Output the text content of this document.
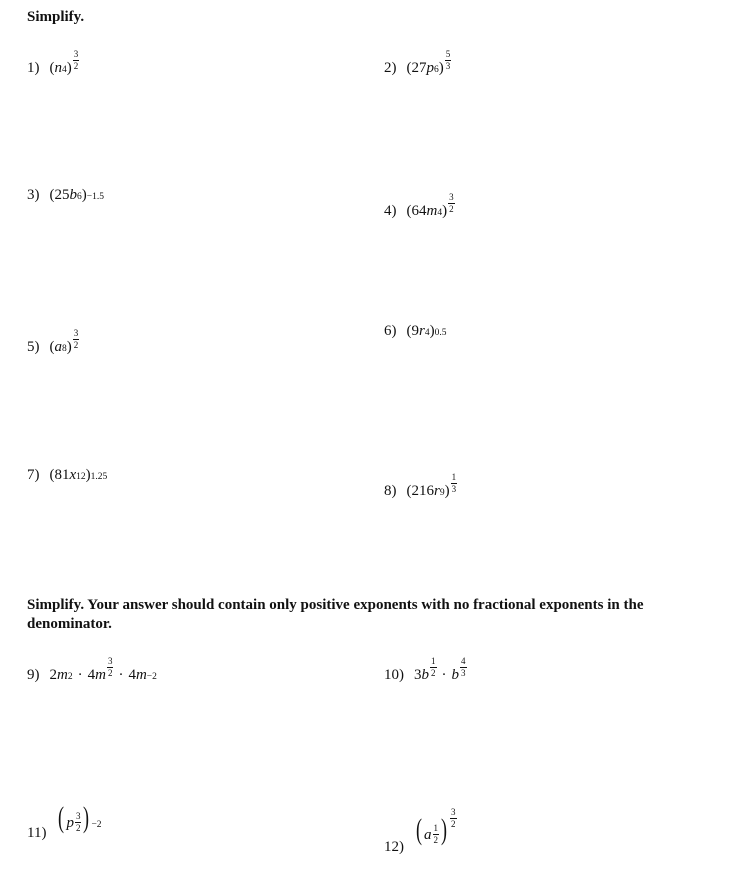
Simplify.
1) (n 4 ) $\frac{3}{2}$	2) (27p 6 ) $\frac{5}{3}$
3) (25b 6 ) −1.5
4) (64m 4 ) $\frac{3}{2}$
5) (a 8 ) $\frac{3}{2}$	6) (9r 4 ) 0.5
7) (81x 12 ) 1.25
8) (216r 9 ) $\frac{1}{3}$
Simplify. Your answer should contain only positive exponents with no fractional exponents in the denominator.
9) 2m $2 \cdot 4m \frac{3}{2} \cdot 4m -2$	10) $3b \frac{1}{2} \cdot b \frac{4}{3}$
11) ( p $\frac{3}{2}$ ) −2
12)
( a $\frac{1}{2}$ ) $\frac{3}{2}$
